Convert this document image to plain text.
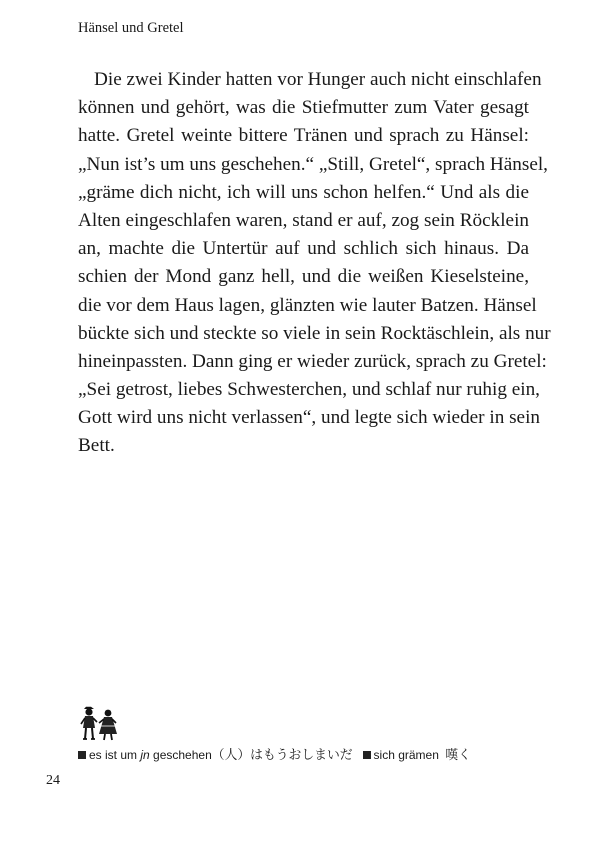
Hänsel und Gretel
Die zwei Kinder hatten vor Hunger auch nicht einschlafen
können und gehört, was die Stiefmutter zum Vater gesagt
hatte. Gretel weinte bittere Tränen und sprach zu Hänsel:
„Nun ist’s um uns geschehen.“ „Still, Gretel“, sprach Hänsel,
„gräme dich nicht, ich will uns schon helfen.“ Und als die
Alten eingeschlafen waren, stand er auf, zog sein Röcklein
an, machte die Untertür auf und schlich sich hinaus. Da
schien der Mond ganz hell, und die weißen Kieselsteine,
die vor dem Haus lagen, glänzten wie lauter Batzen. Hänsel
bückte sich und steckte so viele in sein Rocktäschlein, als nur
hineinpassten. Dann ging er wieder zurück, sprach zu Gretel:
„Sei getrost, liebes Schwesterchen, und schlaf nur ruhig ein,
Gott wird uns nicht verlassen“, und legte sich wieder in sein
Bett.
es ist um jn geschehen（人）はもうおしまいだ sich grämen 嘆く
24
